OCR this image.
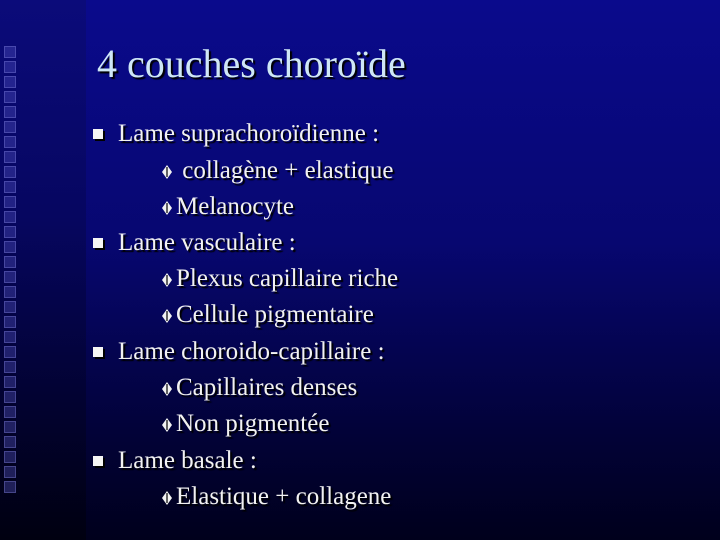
4 couches choroïde
Lame suprachoroïdienne :
collagène + elastique
Melanocyte
Lame vasculaire :
Plexus capillaire riche
Cellule pigmentaire
Lame choroido-capillaire :
Capillaires denses
Non pigmentée
Lame basale :
Elastique + collagene
